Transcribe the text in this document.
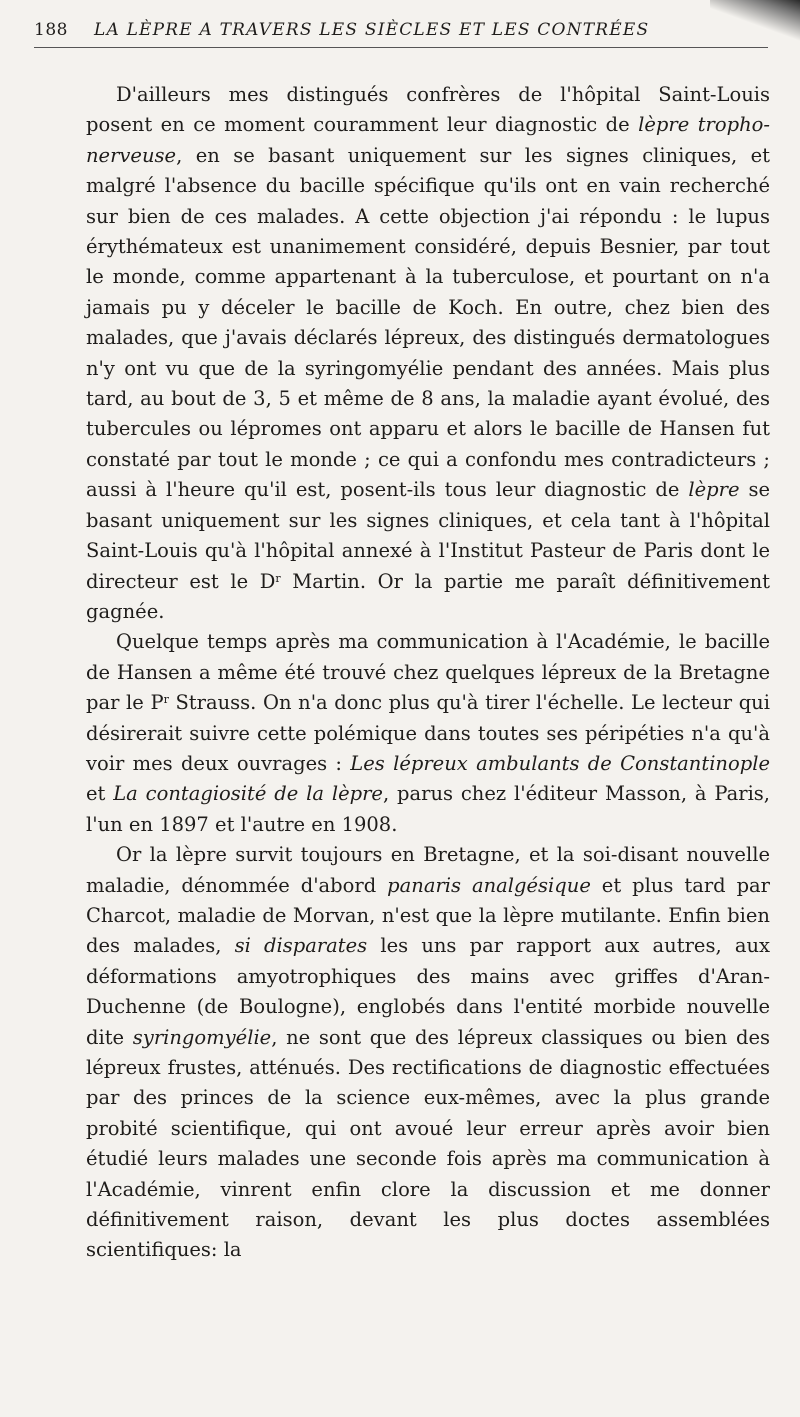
188 LA LÈPRE A TRAVERS LES SIÈCLES ET LES CONTRÉES

D'ailleurs mes distingués confrères de l'hôpital Saint-Louis posent en ce moment couramment leur diagnostic de lèpre tropho-nerveuse, en se basant uniquement sur les signes cliniques, et malgré l'absence du bacille spécifique qu'ils ont en vain recherché sur bien de ces malades. A cette objection j'ai répondu : le lupus érythémateux est unanimement considéré, depuis Besnier, par tout le monde, comme appartenant à la tuberculose, et pourtant on n'a jamais pu y déceler le bacille de Koch. En outre, chez bien des malades, que j'avais déclarés lépreux, des distingués dermatologues n'y ont vu que de la syringomyélie pendant des années. Mais plus tard, au bout de 3, 5 et même de 8 ans, la maladie ayant évolué, des tubercules ou lépromes ont apparu et alors le bacille de Hansen fut constaté par tout le monde ; ce qui a confondu mes contradicteurs ; aussi à l'heure qu'il est, posent-ils tous leur diagnostic de lèpre se basant uniquement sur les signes cliniques, et cela tant à l'hôpital Saint-Louis qu'à l'hôpital annexé à l'Institut Pasteur de Paris dont le directeur est le $D^r$ Martin. Or la partie me paraît définitivement gagnée.

Quelque temps après ma communication à l'Académie, le bacille de Hansen a même été trouvé chez quelques lépreux de la Bretagne par le $P^r$ Strauss. On n'a donc plus qu'à tirer l'échelle. Le lecteur qui désirerait suivre cette polémique dans toutes ses péripéties n'a qu'à voir mes deux ouvrages : Les lépreux ambulants de Constantinople et La contagiosité de la lèpre, parus chez l'éditeur Masson, à Paris, l'un en 1897 et l'autre en 1908.

Or la lèpre survit toujours en Bretagne, et la soi-disant nouvelle maladie, dénommée d'abord panaris analgésique et plus tard par Charcot, maladie de Morvan, n'est que la lèpre mutilante. Enfin bien des malades, si disparates les uns par rapport aux autres, aux déformations amyotrophiques des mains avec griffes d'Aran-Duchenne (de Boulogne), englobés dans l'entité morbide nouvelle dite syringomyélie, ne sont que des lépreux classiques ou bien des lépreux frustes, atténués. Des rectifications de diagnostic effectuées par des princes de la science eux-mêmes, avec la plus grande probité scientifique, qui ont avoué leur erreur après avoir bien étudié leurs malades une seconde fois après ma communication à l'Académie, vinrent enfin clore la discussion et me donner définitivement raison, devant les plus doctes assemblées scientifiques: la
